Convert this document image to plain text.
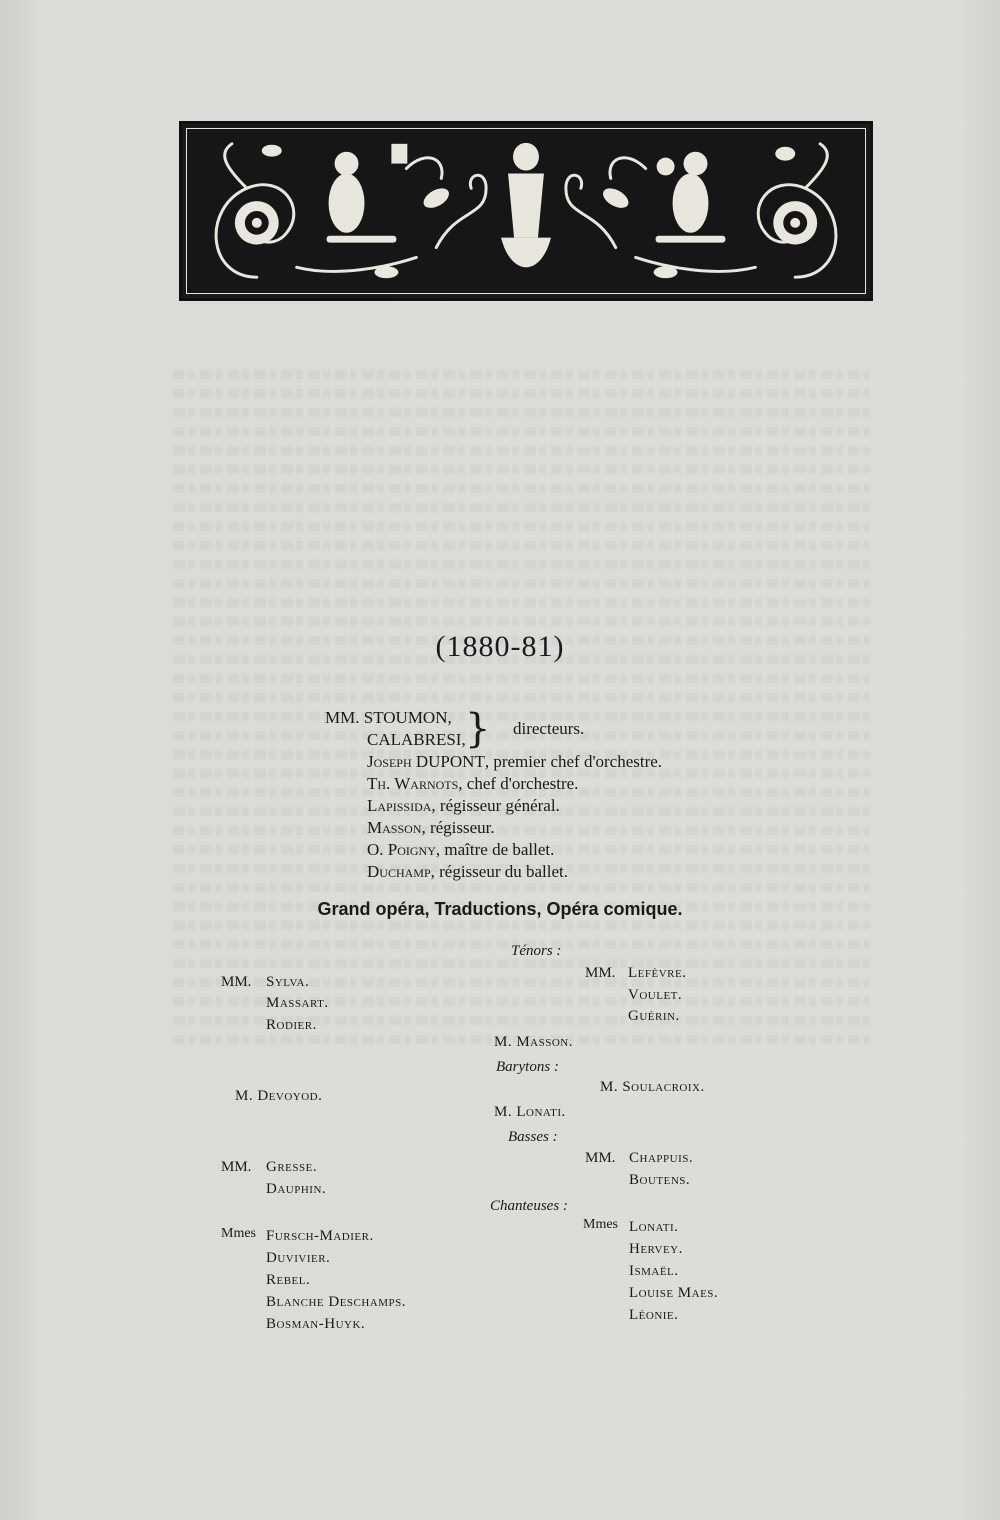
(1880-81)
MM. STOUMON,
CALABRESI, } directeurs.
Joseph DUPONT, premier chef d'orchestre.
Th. Warnots, chef d'orchestre.
Lapissida, régisseur général.
Masson, régisseur.
O. Poigny, maître de ballet.
Duchamp, régisseur du ballet.
Grand opéra, Traductions, Opéra comique.
Ténors :
MM. Sylva.
Massart.
Rodier.
MM. Lefèvre.
Voulet.
Guérin.
M. Masson.
Barytons :
M. Soulacroix.
M. Devoyod.
M. Lonati.
Basses :
MM. Chappuis.
Boutens.
MM. Gresse.
Dauphin.
Chanteuses :
Mmes Lonati.
Hervey.
Ismaël.
Louise Maes.
Léonie.
Mmes Fursch-Madier.
Duvivier.
Rebel.
Blanche Deschamps.
Bosman-Huyk.
